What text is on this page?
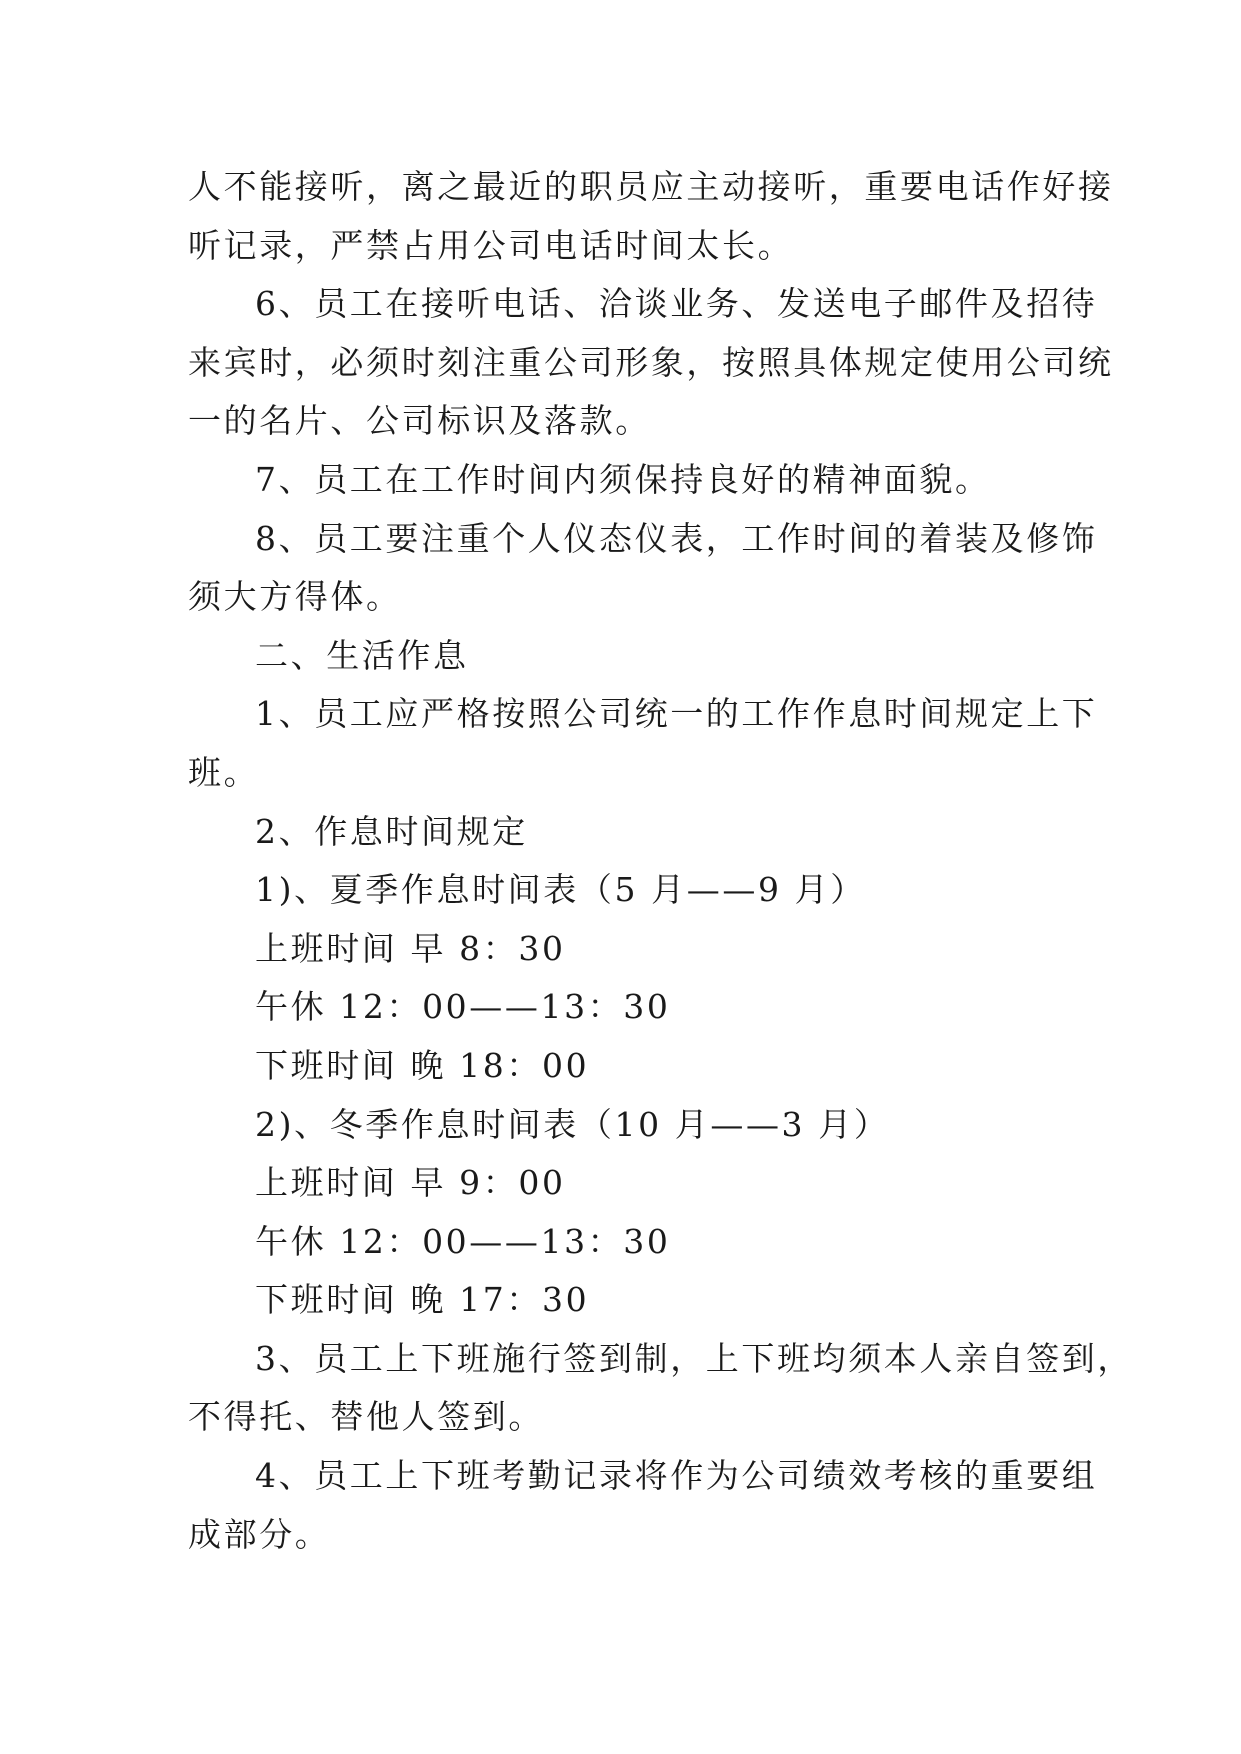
人不能接听，离之最近的职员应主动接听，重要电话作好接
听记录，严禁占用公司电话时间太长。
6、员工在接听电话、洽谈业务、发送电子邮件及招待
来宾时，必须时刻注重公司形象，按照具体规定使用公司统
一的名片、公司标识及落款。
7、员工在工作时间内须保持良好的精神面貌。
8、员工要注重个人仪态仪表，工作时间的着装及修饰
须大方得体。
二、生活作息
1、员工应严格按照公司统一的工作作息时间规定上下
班。
2、作息时间规定
1)、夏季作息时间表（5 月——9 月）
上班时间 早 8：30
午休 12：00——13：30
下班时间 晚 18：00
2)、冬季作息时间表（10 月——3 月）
上班时间 早 9：00
午休 12：00——13：30
下班时间 晚 17：30
3、员工上下班施行签到制，上下班均须本人亲自签到，
不得托、替他人签到。
4、员工上下班考勤记录将作为公司绩效考核的重要组
成部分。
